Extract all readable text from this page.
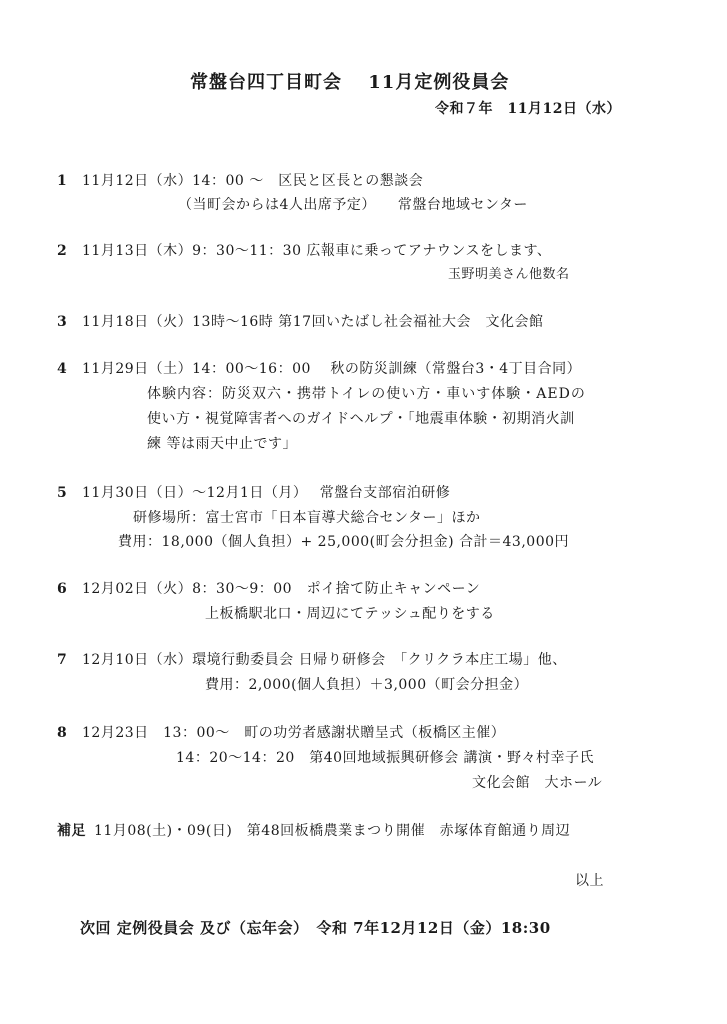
常盤台四丁目町会　 11月定例役員会
令和７年　11月12日（水）
1 11月12日（水）14：00 ～　区民と区長との懇談会
（当町会からは4人出席予定）　　常盤台地域センター
2 11月13日（木）9：30～11：30 広報車に乗ってアナウンスをします、
玉野明美さん他数名
3 11月18日（火）13時～16時 第17回いたばし社会福祉大会　文化会館
4 11月29日（土）14：00～16：00　 秋の防災訓練（常盤台3・4丁目合同）
体験内容：防災双六・携帯トイレの使い方・車いす体験・AEDの
使い方・視覚障害者へのガイドヘルプ・「地震車体験・初期消火訓
練 等は雨天中止です」
5 11月30日（日）～12月1日（月）　 常盤台支部宿泊研修
研修場所：富士宮市「日本盲導犬総合センター」ほか
費用：18,000（個人負担）+ 25,000(町会分担金) 合計＝43,000円
6 12月02日（火）8：30～9：00　ポイ捨て防止キャンペーン
上板橋駅北口・周辺にてテッシュ配りをする
7 12月10日（水）環境行動委員会 日帰り研修会　「クリクラ本庄工場」他、
費用：2,000(個人負担）＋3,000（町会分担金）
8 12月23日　13：00～　町の功労者感謝状贈呈式（板橋区主催）
14：20～14：20　第40回地域振興研修会 講演・野々村幸子氏
文化会館　大ホール
補足 11月08(土)・09(日)　第48回板橋農業まつり開催　赤塚体育館通り周辺
以上
次回 定例役員会 及び（忘年会）　令和 7年12月12日（金）18:30
